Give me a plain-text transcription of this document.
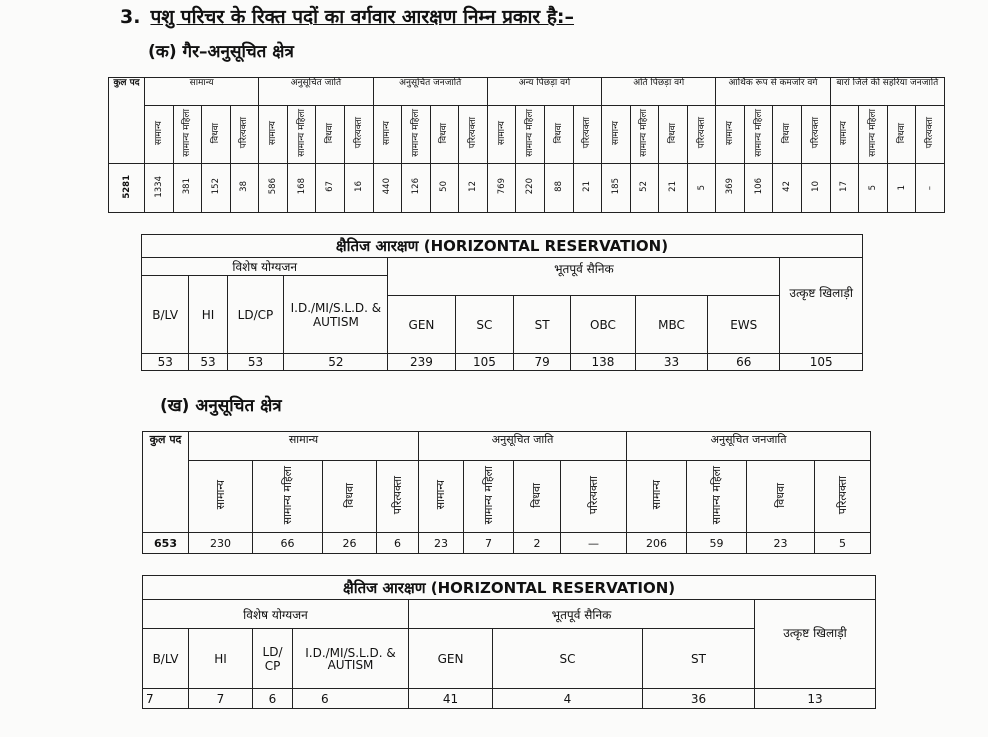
3. पशु परिचर के रिक्त पदों का वर्गवार आरक्षण निम्न प्रकार है:–
(क) गैर–अनुसूचित क्षेत्र
कुल पद	सामान्य				अनुसूचित जाति				अनुसूचित जनजाति				अन्य पिछड़ा वर्ग				अति पिछड़ा वर्ग				आर्थिक रूप से कमजोर वर्ग				बारां जिले की सहरिया जनजाति			
	सामान्य	सामान्य महिला	विधवा	परित्यक्ता	सामान्य	सामान्य महिला	विधवा	परित्यक्ता	सामान्य	सामान्य महिला	विधवा	परित्यक्ता	सामान्य	सामान्य महिला	विधवा	परित्यक्ता	सामान्य	सामान्य महिला	विधवा	परित्यक्ता	सामान्य	सामान्य महिला	विधवा	परित्यक्ता	सामान्य	सामान्य महिला	विधवा	परित्यक्ता
5281	1334	381	152	38	586	168	67	16	440	126	50	12	769	220	88	21	185	52	21	5	369	106	42	10	17	5	1	–
क्षैतिज आरक्षण (HORIZONTAL RESERVATION)										
विशेष योग्यजन				भूतपूर्व सैनिक						उत्कृष्ट खिलाड़ी
B/LV	HI	LD/CP	I.D./MI/S.L.D. & AUTISM							
				GEN	SC	ST	OBC	MBC	EWS	
53	53	53	52	239	105	79	138	33	66	105
(ख) अनुसूचित क्षेत्र
कुल पद	सामान्य				अनुसूचित जाति				अनुसूचित जनजाति			
	सामान्य	सामान्य महिला	विधवा	परित्यक्ता	सामान्य	सामान्य महिला	विधवा	परित्यक्ता	सामान्य	सामान्य महिला	विधवा	परित्यक्ता
653	230	66	26	6	23	7	2	—	206	59	23	5
क्षैतिज आरक्षण (HORIZONTAL RESERVATION)							
विशेष योग्यजन				भूतपूर्व सैनिक			उत्कृष्ट खिलाड़ी
B/LV	HI	LD/ CP	I.D./MI/S.L.D. & AUTISM	GEN	SC	ST	
7	7	6	6	41	4	36	13
